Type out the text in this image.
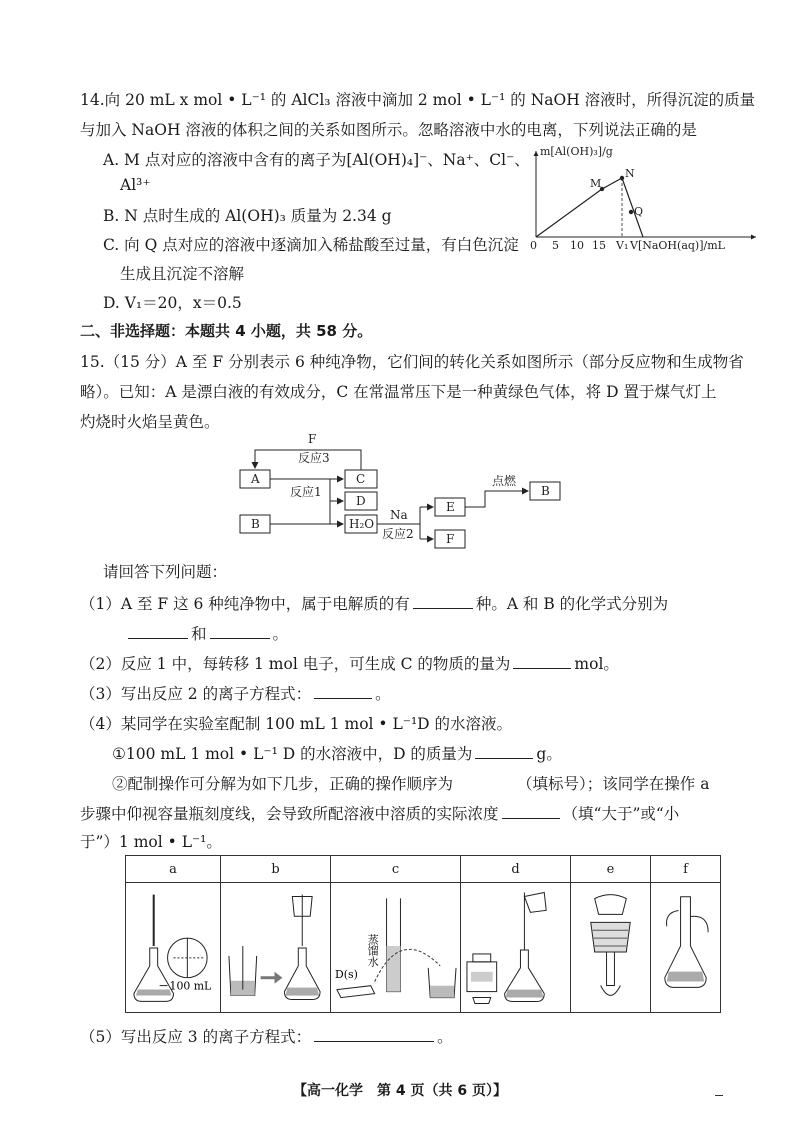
14.向 20 mL x mol • L⁻¹ 的 AlCl₃ 溶液中滴加 2 mol • L⁻¹ 的 NaOH 溶液时，所得沉淀的质量
与加入 NaOH 溶液的体积之间的关系如图所示。忽略溶液中水的电离，下列说法正确的是
A. M 点对应的溶液中含有的离子为[Al(OH)₄]⁻、Na⁺、Cl⁻、
Al³⁺
B. N 点时生成的 Al(OH)₃ 质量为 2.34 g
C. 向 Q 点对应的溶液中逐滴加入稀盐酸至过量，有白色沉淀
生成且沉淀不溶解
D. V₁＝20，x＝0.5
m[Al(OH)₃]/g
M
N
Q
0 5 10 15 V₁ V[NaOH(aq)]/mL
二、非选择题：本题共 4 小题，共 58 分。
15.（15 分）A 至 F 分别表示 6 种纯净物，它们间的转化关系如图所示（部分反应物和生成物省
略）。已知：A 是漂白液的有效成分，C 在常温常压下是一种黄绿色气体，将 D 置于煤气灯上
灼烧时火焰呈黄色。
A
B
C
D
H₂O
E
F
B
F
反应3
反应1
Na
反应2
点燃
请回答下列问题：
（1）A 至 F 这 6 种纯净物中，属于电解质的有	种。A 和 B 的化学式分别为
和	。
（2）反应 1 中，每转移 1 mol 电子，可生成 C 的物质的量为	mol。
（3）写出反应 2 的离子方程式：	。
（4）某同学在实验室配制 100 mL 1 mol • L⁻¹D 的水溶液。
①100 mL 1 mol • L⁻¹ D 的水溶液中，D 的质量为	g。
②配制操作可分解为如下几步，正确的操作顺序为	（填标号）；该同学在操作 a
步骤中仰视容量瓶刻度线，会导致所配溶液中溶质的实际浓度	（填“大于”或“小
于”）1 mol • L⁻¹。
a	b	c	d	e	f

100 mL		D(s)
蒸馏水

（5）写出反应 3 的离子方程式：	。
【高一化学　第 4 页（共 6 页）】
